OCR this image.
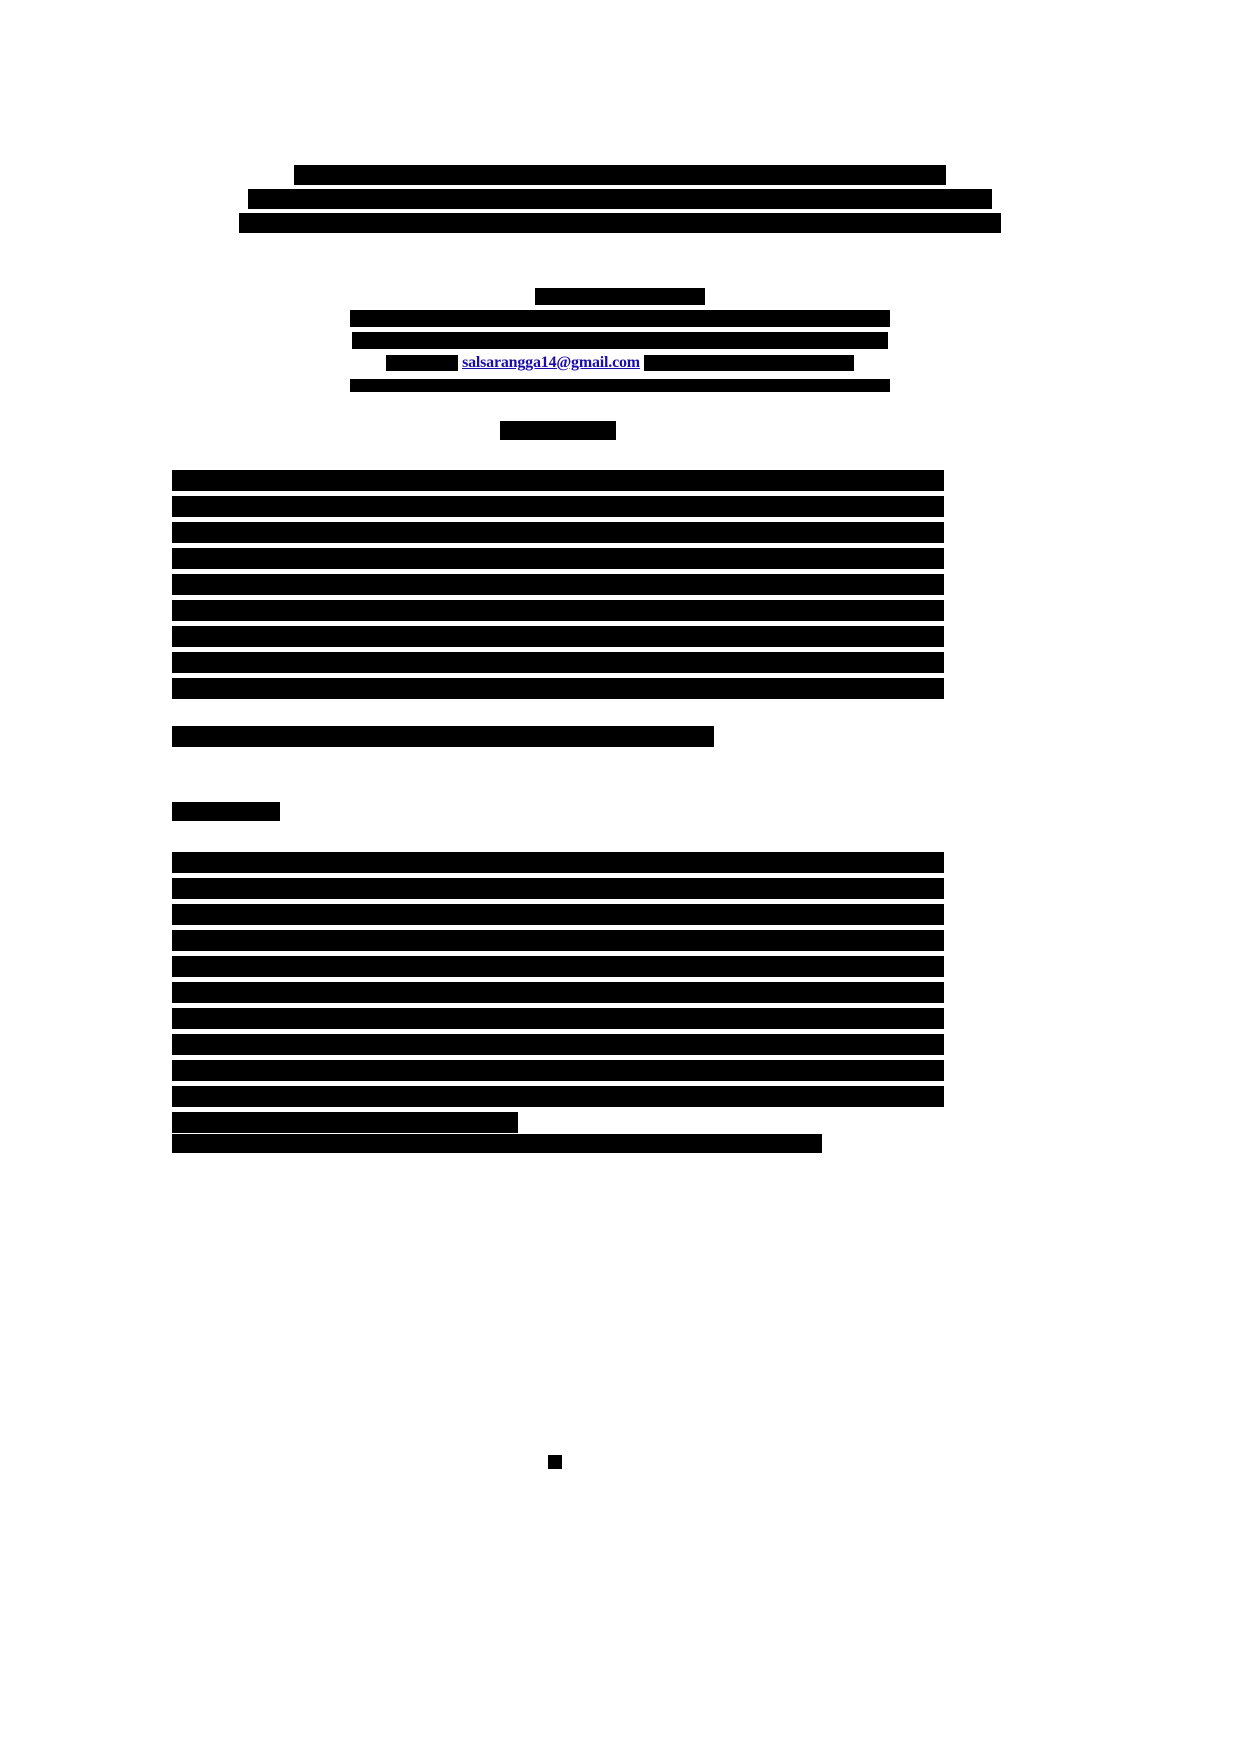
salsarangga14@gmail.com
